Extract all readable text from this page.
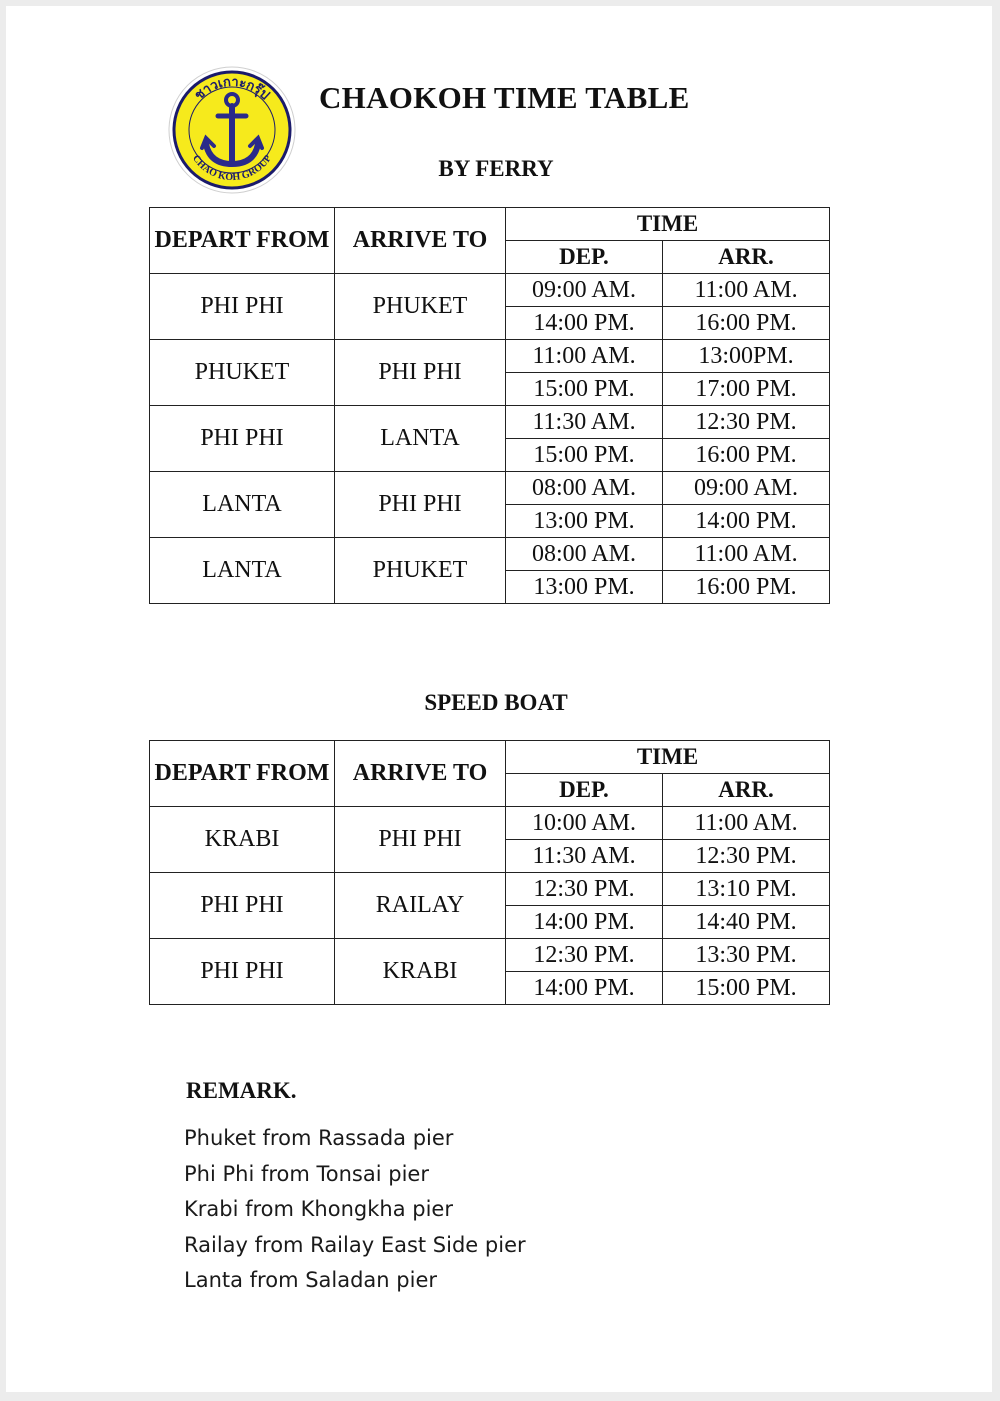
ชาวเกาะกรุ๊ป
CHAO KOH GROUP
CHAOKOH TIME TABLE
BY FERRY
DEPART FROM	ARRIVE TO	TIME	
		DEP.	ARR.
PHI PHI	PHUKET	09:00 AM.	11:00 AM.
		14:00 PM.	16:00 PM.
PHUKET	PHI PHI	11:00 AM.	13:00PM.
		15:00 PM.	17:00 PM.
PHI PHI	LANTA	11:30 AM.	12:30 PM.
		15:00 PM.	16:00 PM.
LANTA	PHI PHI	08:00 AM.	09:00 AM.
		13:00 PM.	14:00 PM.
LANTA	PHUKET	08:00 AM.	11:00 AM.
		13:00 PM.	16:00 PM.
SPEED BOAT
DEPART FROM	ARRIVE TO	TIME	
		DEP.	ARR.
KRABI	PHI PHI	10:00 AM.	11:00 AM.
		11:30 AM.	12:30 PM.
PHI PHI	RAILAY	12:30 PM.	13:10 PM.
		14:00 PM.	14:40 PM.
PHI PHI	KRABI	12:30 PM.	13:30 PM.
		14:00 PM.	15:00 PM.
REMARK.
Phuket from Rassada pier
Phi Phi from Tonsai pier
Krabi from Khongkha pier
Railay from Railay East Side pier
Lanta from Saladan pier
